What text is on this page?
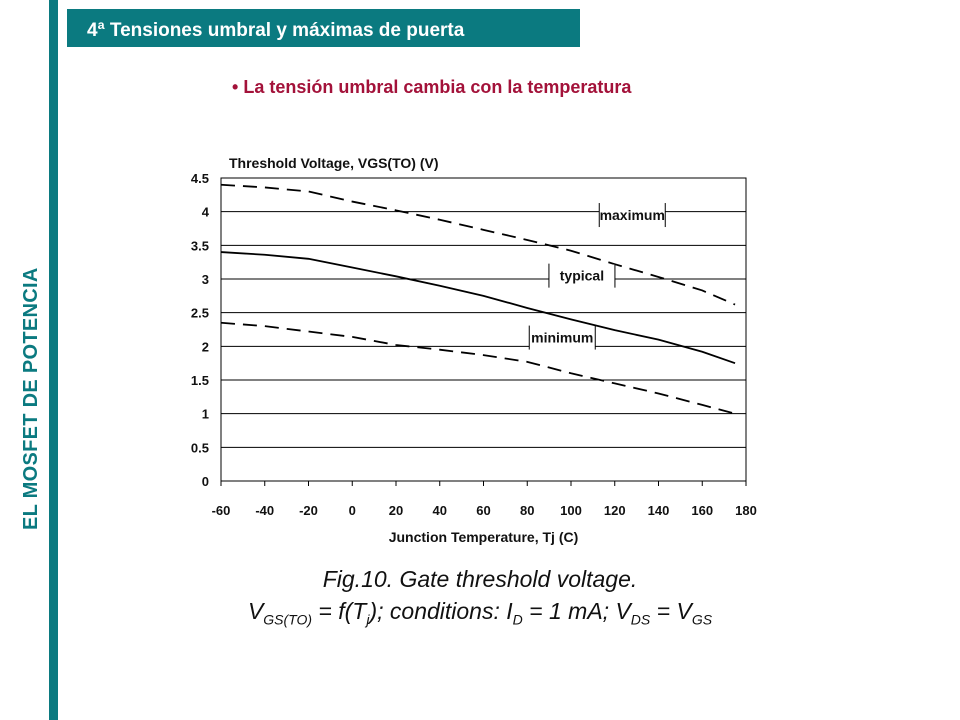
EL MOSFET DE POTENCIA
4ª Tensiones umbral y máximas de puerta
• La tensión umbral cambia con la temperatura
0
0.5
1
1.5
2
2.5
3
3.5
4
4.5
-60 -40 -20 0	20 40 60 80 100 120 140 160 180
maximum
typical
minimum
Threshold Voltage, VGS(TO) (V)
Junction Temperature, Tj (C)
Fig.10. Gate threshold voltage.
$V_{GS(TO)} = f(T_j)$; conditions: $I_D = 1$ mA; $V_{DS} = V_{GS}$
